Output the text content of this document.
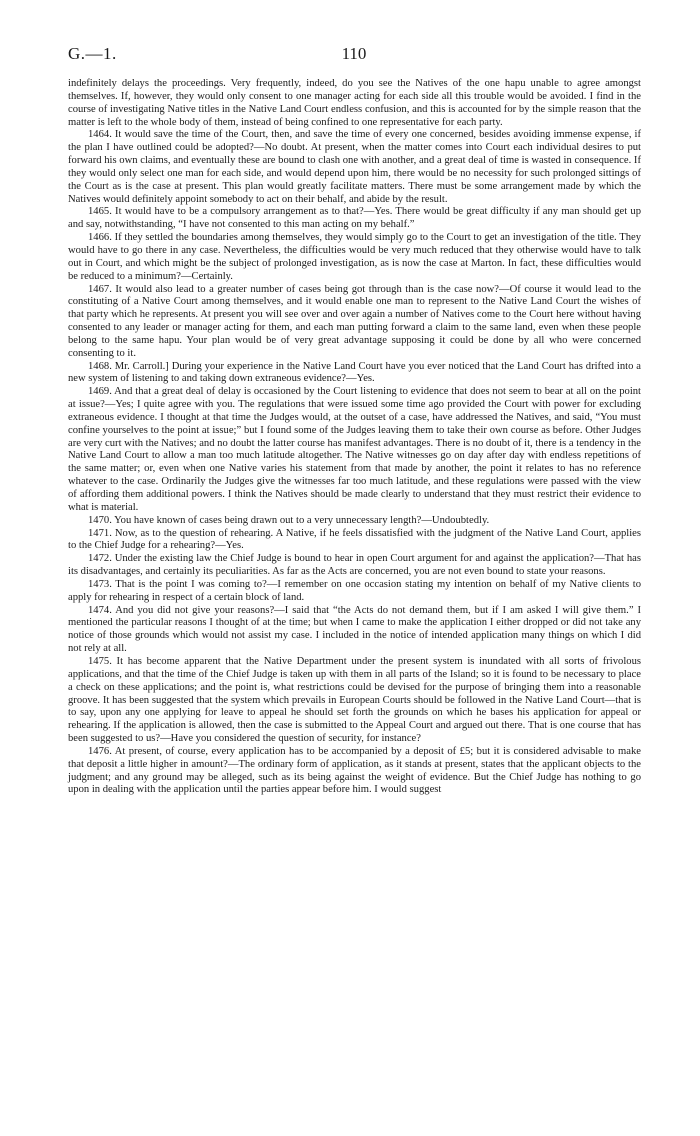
G.—1.	110

indefinitely delays the proceedings. Very frequently, indeed, do you see the Natives of the one hapu unable to agree amongst themselves. If, however, they would only consent to one manager acting for each side all this trouble would be avoided. I find in the course of investigating Native titles in the Native Land Court endless confusion, and this is accounted for by the simple reason that the matter is left to the whole body of them, instead of being confined to one representative for each party.

1464. It would save the time of the Court, then, and save the time of every one concerned, besides avoiding immense expense, if the plan I have outlined could be adopted?—No doubt. At present, when the matter comes into Court each individual desires to put forward his own claims, and eventually these are bound to clash one with another, and a great deal of time is wasted in consequence. If they would only select one man for each side, and would depend upon him, there would be no necessity for such prolonged sittings of the Court as is the case at present. This plan would greatly facilitate matters. There must be some arrangement made by which the Natives would definitely appoint somebody to act on their behalf, and abide by the result.

1465. It would have to be a compulsory arrangement as to that?—Yes. There would be great difficulty if any man should get up and say, notwithstanding, “I have not consented to this man acting on my behalf.”

1466. If they settled the boundaries among themselves, they would simply go to the Court to get an investigation of the title. They would have to go there in any case. Nevertheless, the difficulties would be very much reduced that they otherwise would have to talk out in Court, and which might be the subject of prolonged investigation, as is now the case at Marton. In fact, these difficulties would be reduced to a minimum?—Certainly.

1467. It would also lead to a greater number of cases being got through than is the case now?—Of course it would lead to the constituting of a Native Court among themselves, and it would enable one man to represent to the Native Land Court the wishes of that party which he represents. At present you will see over and over again a number of Natives come to the Court here without having consented to any leader or manager acting for them, and each man putting forward a claim to the same land, even when these people belong to the same hapu. Your plan would be of very great advantage supposing it could be done by all who were concerned consenting to it.

1468. Mr. Carroll.] During your experience in the Native Land Court have you ever noticed that the Land Court has drifted into a new system of listening to and taking down extraneous evidence?—Yes.

1469. And that a great deal of delay is occasioned by the Court listening to evidence that does not seem to bear at all on the point at issue?—Yes; I quite agree with you. The regulations that were issued some time ago provided the Court with power for excluding extraneous evidence. I thought at that time the Judges would, at the outset of a case, have addressed the Natives, and said, “You must confine yourselves to the point at issue;” but I found some of the Judges leaving them to take their own course as before. Other Judges are very curt with the Natives; and no doubt the latter course has manifest advantages. There is no doubt of it, there is a tendency in the Native Land Court to allow a man too much latitude altogether. The Native witnesses go on day after day with endless repetitions of the same matter; or, even when one Native varies his statement from that made by another, the point it relates to has no reference whatever to the case. Ordinarily the Judges give the witnesses far too much latitude, and these regulations were passed with the view of affording them additional powers. I think the Natives should be made clearly to understand that they must restrict their evidence to what is material.

1470. You have known of cases being drawn out to a very unnecessary length?—Undoubtedly.

1471. Now, as to the question of rehearing. A Native, if he feels dissatisfied with the judgment of the Native Land Court, applies to the Chief Judge for a rehearing?—Yes.

1472. Under the existing law the Chief Judge is bound to hear in open Court argument for and against the application?—That has its disadvantages, and certainly its peculiarities. As far as the Acts are concerned, you are not even bound to state your reasons.

1473. That is the point I was coming to?—I remember on one occasion stating my intention on behalf of my Native clients to apply for rehearing in respect of a certain block of land.

1474. And you did not give your reasons?—I said that “the Acts do not demand them, but if I am asked I will give them.” I mentioned the particular reasons I thought of at the time; but when I came to make the application I either dropped or did not take any notice of those grounds which would not assist my case. I included in the notice of intended application many things on which I did not rely at all.

1475. It has become apparent that the Native Department under the present system is inundated with all sorts of frivolous applications, and that the time of the Chief Judge is taken up with them in all parts of the Island; so it is found to be necessary to place a check on these applications; and the point is, what restrictions could be devised for the purpose of bringing them into a reasonable groove. It has been suggested that the system which prevails in European Courts should be followed in the Native Land Court—that is to say, upon any one applying for leave to appeal he should set forth the grounds on which he bases his application for appeal or rehearing. If the application is allowed, then the case is submitted to the Appeal Court and argued out there. That is one course that has been suggested to us?—Have you considered the question of security, for instance?

1476. At present, of course, every application has to be accompanied by a deposit of £5; but it is considered advisable to make that deposit a little higher in amount?—The ordinary form of application, as it stands at present, states that the applicant objects to the judgment; and any ground may be alleged, such as its being against the weight of evidence. But the Chief Judge has nothing to go upon in dealing with the application until the parties appear before him. I would suggest
